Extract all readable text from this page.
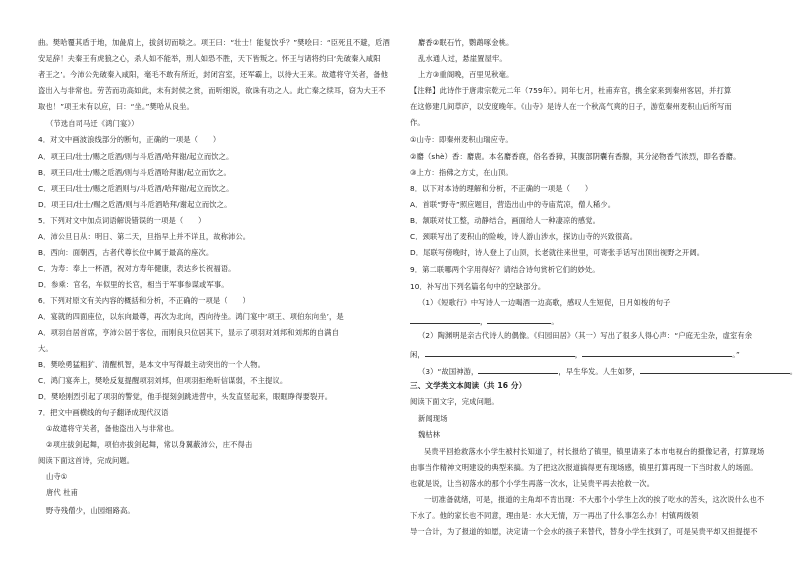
曲。樊哈覆其盾于地，加彘肩上，拔剑切而啖之。项王曰：“壮士！能复饮乎？”樊哙曰：“臣死且不避，卮酒
安足辞！夫秦王有虎狼之心，杀人如不能举，刑人如恐不胜，天下皆叛之。怀王与诸将约曰‘先破秦入咸阳
者王之’。今沛公先破秦入咸阳，毫毛不敢有所近，封闭宫室，还军霸上，以待大王来。故遣将守关者，备他
盗出入与非常也。劳苦而功高如此，未有封侯之赏，而听细说，欲诛有功之人。此亡秦之续耳，窃为大王不
取也！”项王未有以应，曰：“坐。”樊哈从良坐。
（节选自司马迁《鸿门宴》）
4．对文中画波浪线部分的断句，正确的一项是（　　）
A．项王曰/壮士/赐之卮酒/则与斗卮酒/哈拜谢/起立而饮之。
B．项王曰/壮士/赐之卮酒/则与斗卮酒哈拜谢/起立而饮之。
C．项王曰/壮士/赐之卮酒则与/斗卮酒/哈拜谢/起立而饮之。
D．项王曰/壮士/赐之卮酒/则与斗卮酒哈拜/谢起立而饮之。
5．下列对文中加点词语解说错误的一项是（　　）
A．沛公旦日从：明日、第二天，旦指早上并不详且，故称沛公。
B．西向：面朝西，古者代尊长位中属于最高的座次。
C．为寿：奉上一杯酒，祝对方寿年健康，表达乡长祝福语。
D．参乘：官名，车似里的长官，相当于军事参谋或军事。
6．下列对原文有关内容的概括和分析，不正确的一项是（　　）
A．宴就的四面座位，以东向最尊，再次为北向，西向待坐。鸿门宴中‘项王、项伯东向坐’，是
A．项羽自居首席，亨沛公居于客位，而刚良只位居其下，显示了项羽对刘邦和刘邦的自满自
大。
B．樊哙勇猛粗犷、清醒机智，是本文中写得最主动突出的一个人物。
C．鸿门宴奔上，樊哙反复提醒项羽刘邦，但项羽拒绝听信谋弱，不主提议。
D．樊哙刚烈引起了项羽的警觉，他手提刻剑跳进营中，头发直竖起来，眼眶睁得要裂开。
7．把文中画横线的句子翻译成现代汉语
①故遣将守关者，备他盗出入与非常也。
②项庄拔剑起舞，项伯亦拔剑起舞，常以身翼蔽沛公，庄不得击
阅读下面这首诗，完成问题。
山寺①
唐代 杜甫
野寺残僧少，山园细路高。
麝香②眠石竹，鹦鹉啄金桃。
乱水通人过，悬崖置屋牢。
上方③重阁晚，百里见秋毫。
【注释】此诗作于唐肃宗乾元二年（759年）。同年七月，杜甫弃官，携全家来到秦州客居，并打算
在这修建几间草庐，以安度晚年。《山寺》是诗人在一个秋高气爽的日子，游览秦州麦积山后所写而
作。
①山寺：即秦州麦积山瑞应寺。
②麝（shè）香：麝鹿。本名麝香鹿，俗名香獐，其腹部阴囊有香腺，其分泌物香气浓烈，即名香麝。
③上方：指佛之方丈，在山顶。
8．以下对本诗的理解和分析，不正确的一项是（　　）
A．首联“野寺”照应题目，营造出山中的寺庙荒凉，僧人稀少。
B．颔联对仗工整，动静结合，画面给人一种凄凉的感觉。
C．颈联写出了麦积山的险峻，诗人游山涉水，探访山寺的兴致很高。
D．尾联写傍晚时，诗人登上了山顶，长老就往来世里，可寄张手话写出顶出视野之开阔。
9．第二联哪两个字用得好？请结合诗句赏析它们的妙处。
10．补写出下列名篇名句中的空缺部分。
（1）《短歌行》中写诗人一边喝酒一边高歌，感叹人生短促，日月如梭的句子
，	。
（2）陶渊明是亲古代诗人的偶像。《归园田居》（其一）写出了很多人得心声：“户庭无尘杂，虚室有余
闲，	，	。”
（3）“故国神游，	，早生华发。人生如梦，	。
三、文学类文本阅读（共 16 分）
阅读下面文字，完成问题。
新闻现场
魏枯林
吴贵平回抢救落水小学生被村长知道了，村长报给了镇里，镇里请来了本市电视台的摄像记者，打算现场
由事当作精神文明建设的典型来搞。为了把这次报道搞得更有现场感，镇里打算再现一下当时救人的场面。
也就是说，让当初落水的那个小学生再落一次水，让吴贵平再去抢救一次。
一切准备就绪，可是，报道的主角却不肯出现：不大那个小学生上次的挨了吃水的苦头，这次说什么也不
下水了。他的家长也不同意，理由是：水大无情，万一再出了什么事怎么办！村镇两级领
导一合计，为了报道的如愿，决定请一个会水的孩子来替代，替身小学生找到了，可是吴贵平却又担提提不
